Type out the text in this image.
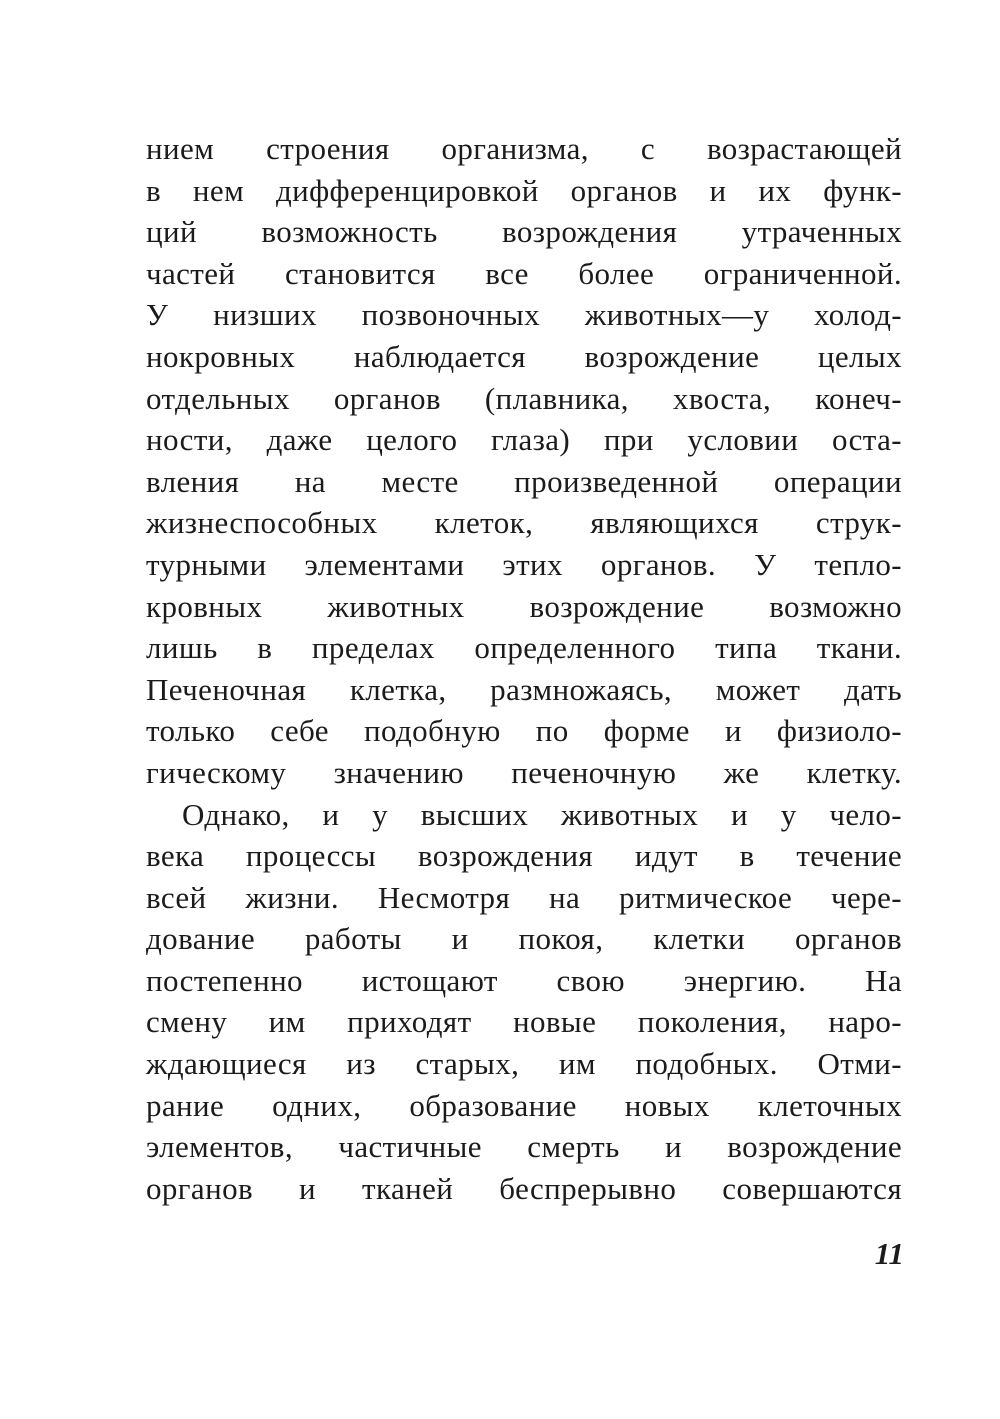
нием строения организма, с возрастающей
в нем дифференцировкой органов и их функ-
ций возможность возрождения утраченных
частей становится все более ограниченной.
У низших позвоночных животных—у холод-
нокровных наблюдается возрождение целых
отдельных органов (плавника, хвоста, конеч-
ности, даже целого глаза) при условии оста-
вления на месте произведенной операции
жизнеспособных клеток, являющихся струк-
турными элементами этих органов. У тепло-
кровных животных возрождение возможно
лишь в пределах определенного типа ткани.
Печеночная клетка, размножаясь, может дать
только себе подобную по форме и физиоло-
гическому значению печеночную же клетку.
Однако, и у высших животных и у чело-
века процессы возрождения идут в течение
всей жизни. Несмотря на ритмическое чере-
дование работы и покоя, клетки органов
постепенно истощают свою энергию. На
смену им приходят новые поколения, наро-
ждающиеся из старых, им подобных. Отми-
рание одних, образование новых клеточных
элементов, частичные смерть и возрождение
органов и тканей беспрерывно совершаются
11
